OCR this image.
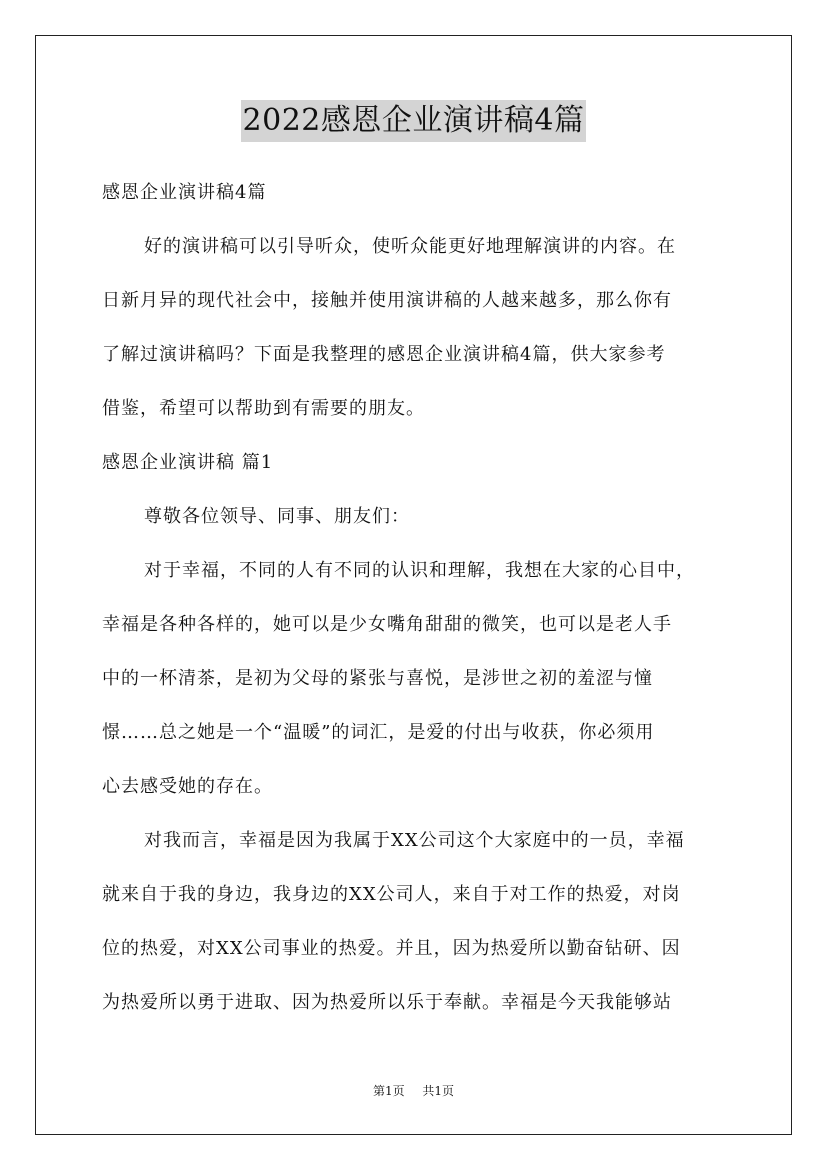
2022感恩企业演讲稿4篇
感恩企业演讲稿4篇
好的演讲稿可以引导听众，使听众能更好地理解演讲的内容。在
日新月异的现代社会中，接触并使用演讲稿的人越来越多，那么你有
了解过演讲稿吗？下面是我整理的感恩企业演讲稿4篇，供大家参考
借鉴，希望可以帮助到有需要的朋友。
感恩企业演讲稿 篇1
尊敬各位领导、同事、朋友们：
对于幸福，不同的人有不同的认识和理解，我想在大家的心目中，
幸福是各种各样的，她可以是少女嘴角甜甜的微笑，也可以是老人手
中的一杯清茶，是初为父母的紧张与喜悦，是涉世之初的羞涩与憧
憬……总之她是一个“温暖”的词汇，是爱的付出与收获，你必须用
心去感受她的存在。
对我而言，幸福是因为我属于XX公司这个大家庭中的一员，幸福
就来自于我的身边，我身边的XX公司人，来自于对工作的热爱，对岗
位的热爱，对XX公司事业的热爱。并且，因为热爱所以勤奋钻研、因
为热爱所以勇于进取、因为热爱所以乐于奉献。幸福是今天我能够站
第1页 共1页
